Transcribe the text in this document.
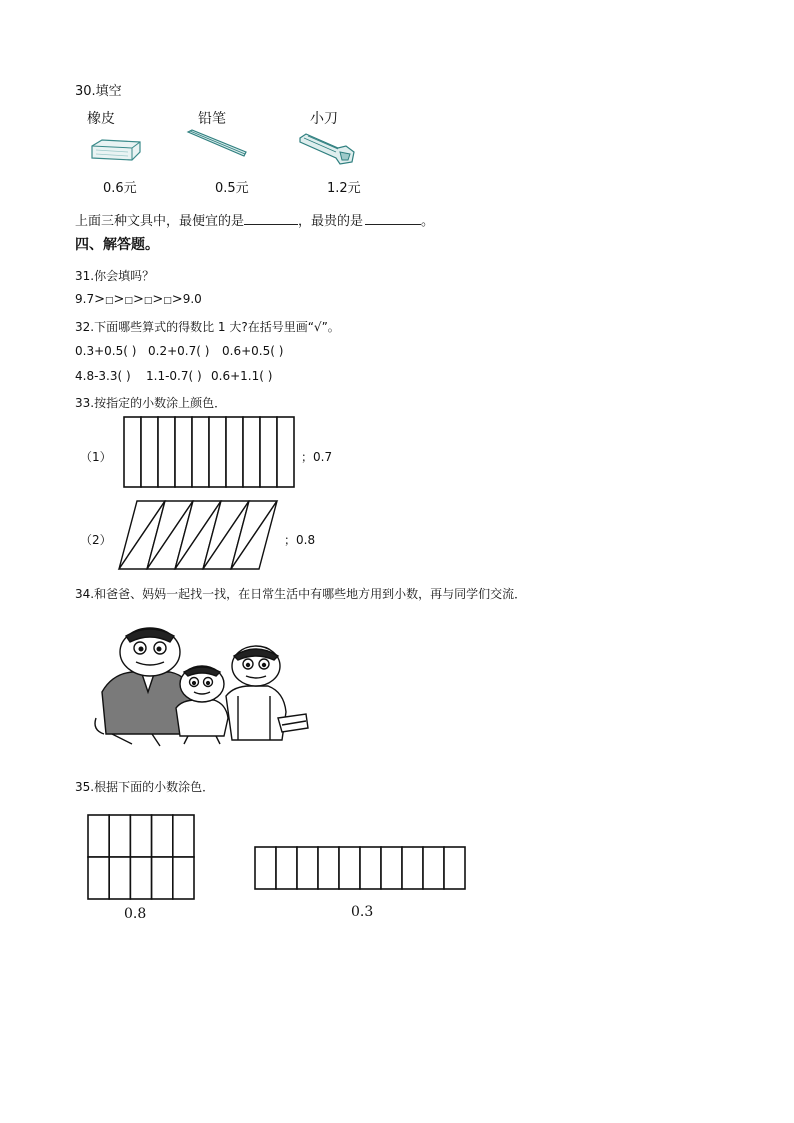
30.填空
橡皮	铅笔	小刀
0.6元	0.5元	1.2元
上面三种文具中，最便宜的是	，最贵的是	。
四、解答题。
31.你会填吗？
9.7>□>□>□>□>9.0
32.下面哪些算式的得数比 1 大?在括号里画“√”。
0.3+0.5( ) 0.2+0.7( ) 0.6+0.5( )
4.8-3.3( ) 1.1-0.7( ) 0.6+1.1( )
33.按指定的小数涂上颜色．
（1）	；0.7
（2）	；0.8
34.和爸爸、妈妈一起找一找，在日常生活中有哪些地方用到小数，再与同学们交流．
35.根据下面的小数涂色．
0.8	0.3
